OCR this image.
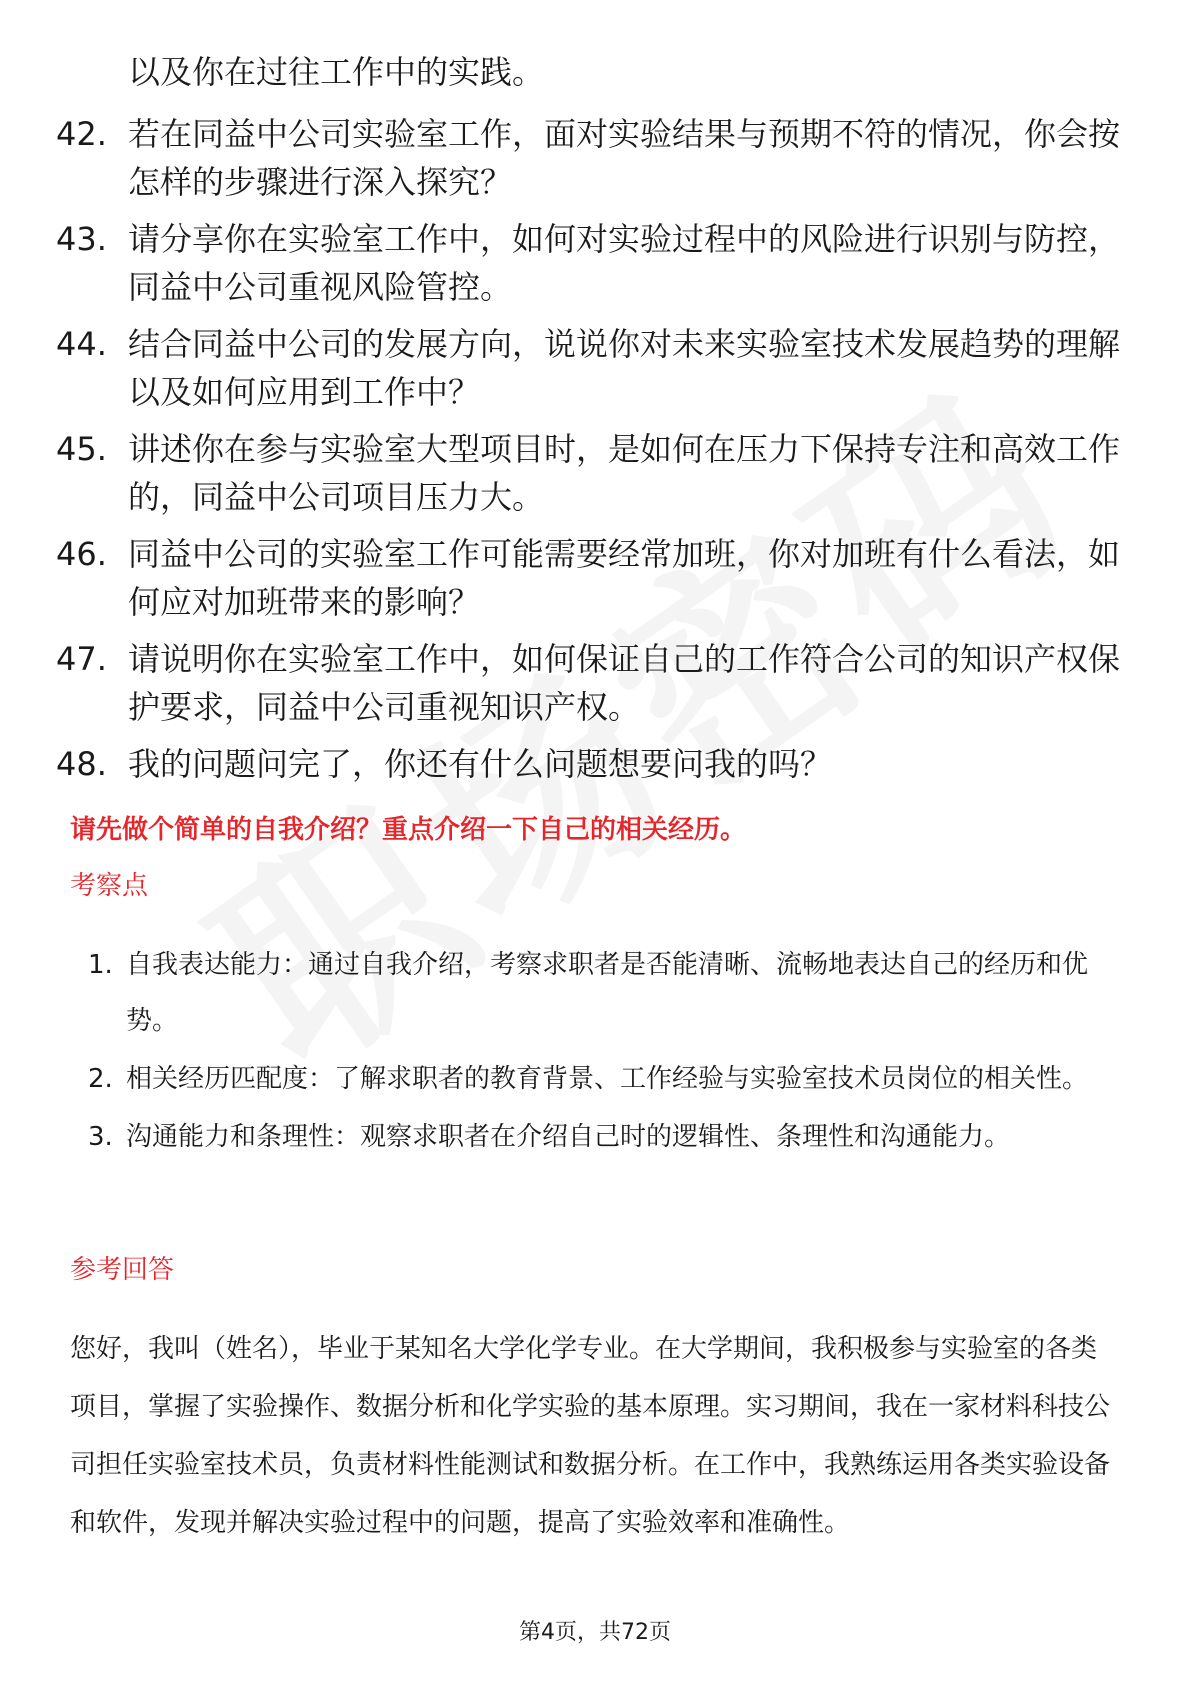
以及你在过往工作中的实践。
42. 若在同益中公司实验室工作，面对实验结果与预期不符的情况，你会按怎样的步骤进行深入探究？
43. 请分享你在实验室工作中，如何对实验过程中的风险进行识别与防控，同益中公司重视风险管控。
44. 结合同益中公司的发展方向，说说你对未来实验室技术发展趋势的理解以及如何应用到工作中？
45. 讲述你在参与实验室大型项目时，是如何在压力下保持专注和高效工作的，同益中公司项目压力大。
46. 同益中公司的实验室工作可能需要经常加班，你对加班有什么看法，如何应对加班带来的影响？
47. 请说明你在实验室工作中，如何保证自己的工作符合公司的知识产权保护要求，同益中公司重视知识产权。
48. 我的问题问完了，你还有什么问题想要问我的吗？
请先做个简单的自我介绍？重点介绍一下自己的相关经历。
考察点
1. 自我表达能力：通过自我介绍，考察求职者是否能清晰、流畅地表达自己的经历和优势。
2. 相关经历匹配度：了解求职者的教育背景、工作经验与实验室技术员岗位的相关性。
3. 沟通能力和条理性：观察求职者在介绍自己时的逻辑性、条理性和沟通能力。
参考回答
您好，我叫（姓名），毕业于某知名大学化学专业。在大学期间，我积极参与实验室的各类项目，掌握了实验操作、数据分析和化学实验的基本原理。实习期间，我在一家材料科技公司担任实验室技术员，负责材料性能测试和数据分析。在工作中，我熟练运用各类实验设备和软件，发现并解决实验过程中的问题，提高了实验效率和准确性。
第4页，共72页
